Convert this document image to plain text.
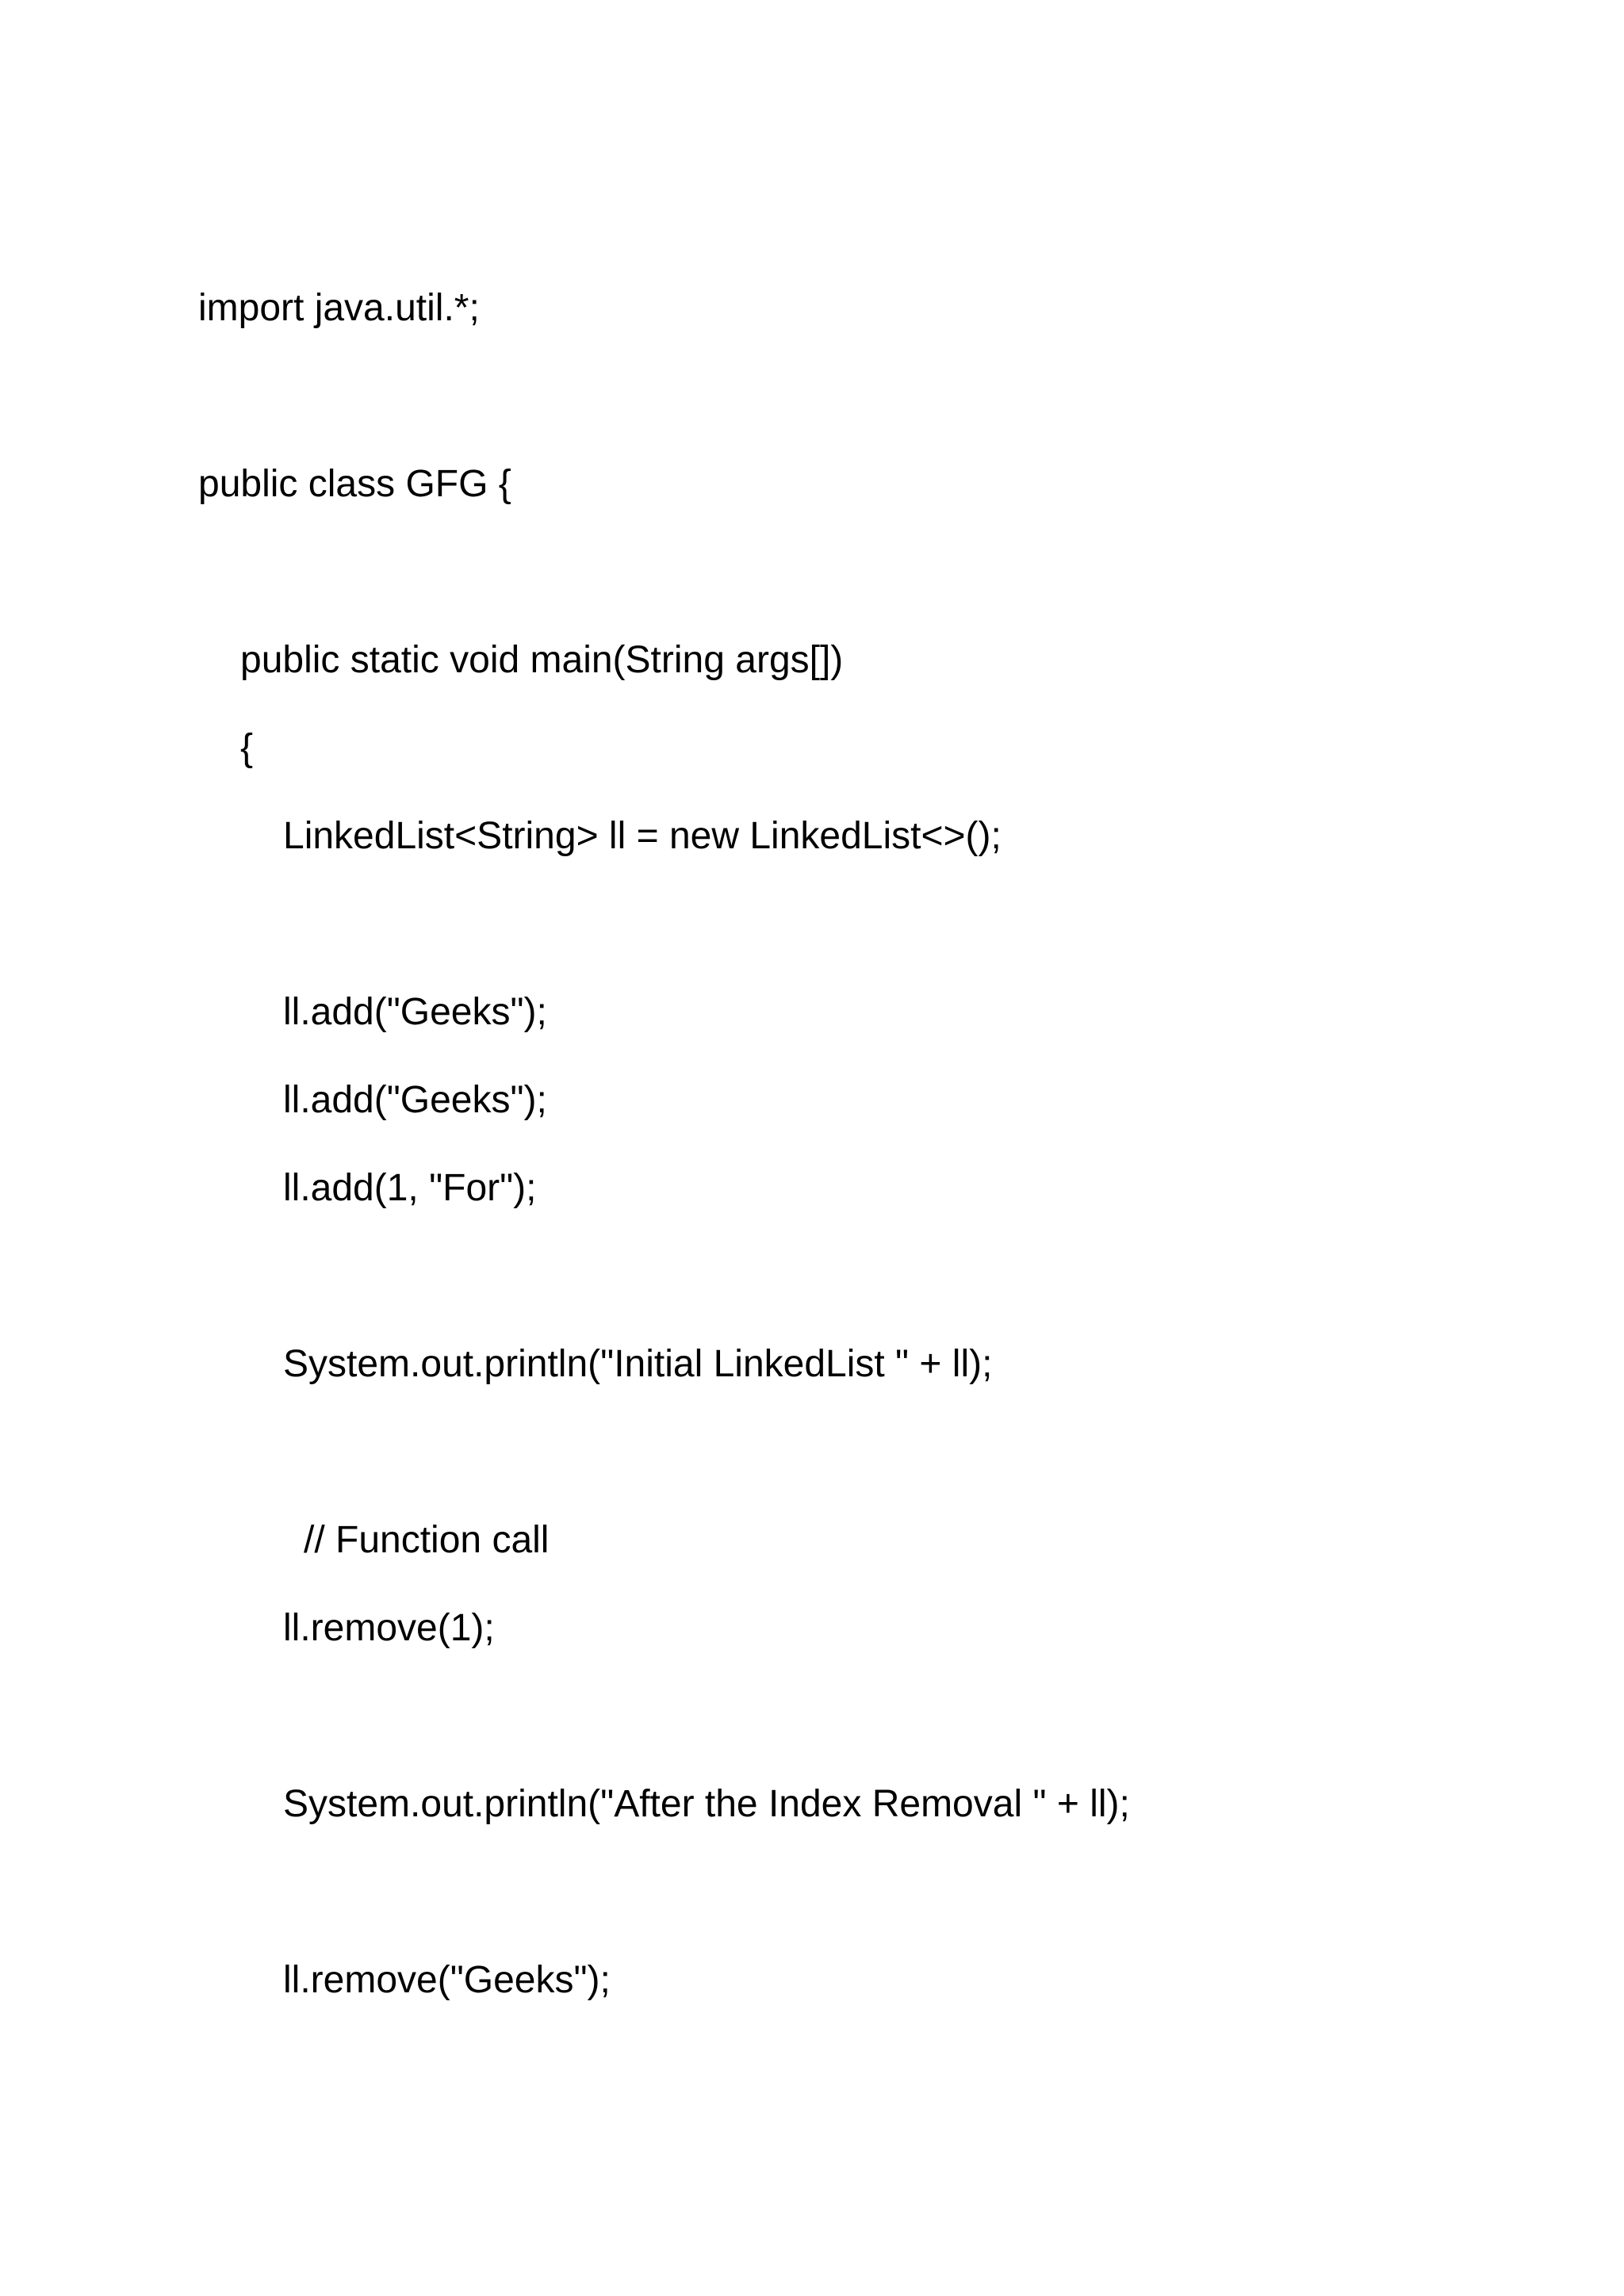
import java.util.*;

public class GFG {

public static void main(String args[])

{

LinkedList<String> ll = new LinkedList<>();

ll.add("Geeks");

ll.add("Geeks");

ll.add(1, "For");

System.out.println("Initial LinkedList " + ll);

// Function call

ll.remove(1);

System.out.println("After the Index Removal " + ll);

ll.remove("Geeks");
